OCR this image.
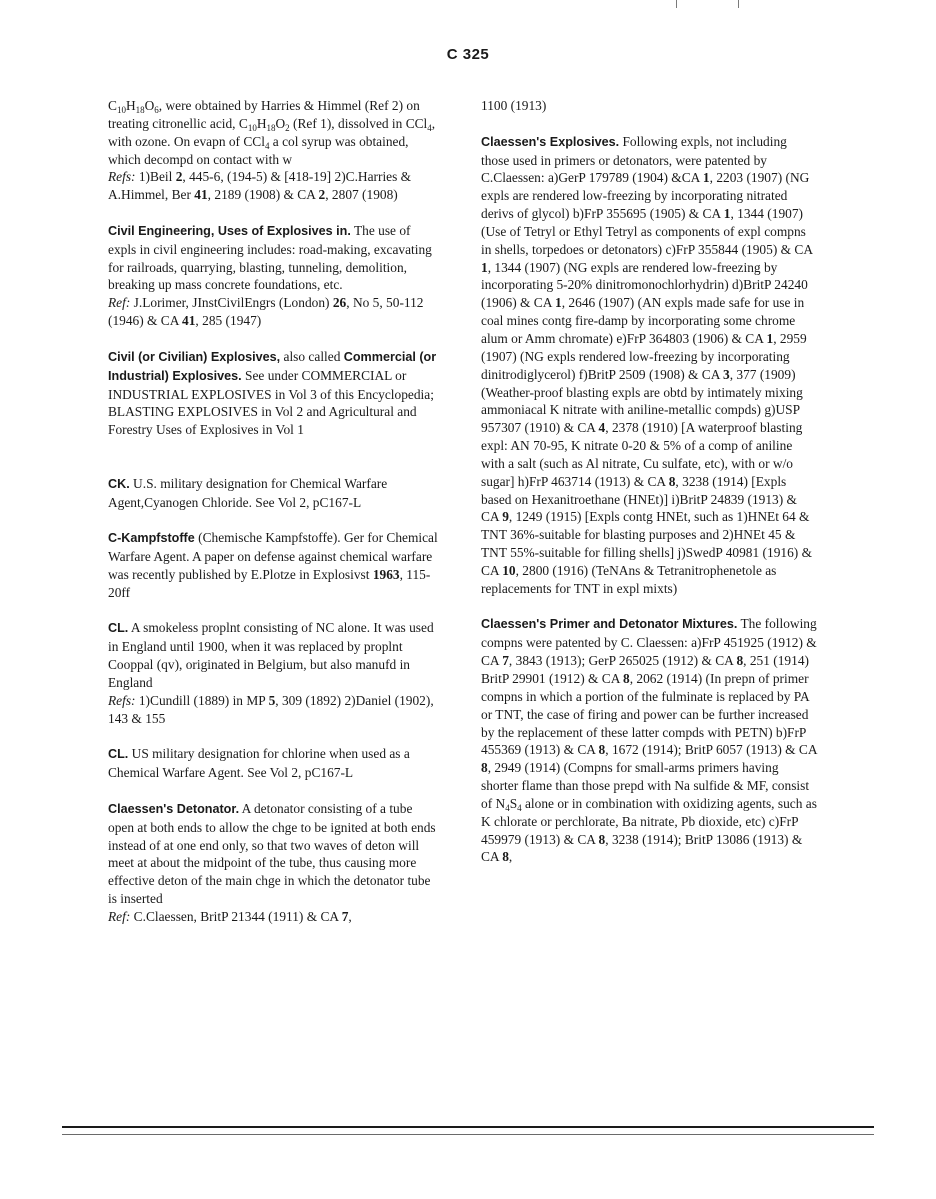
C 325

$C_{10}H_{18}O_6$, were obtained by Harries & Himmel (Ref 2) on treating citronellic acid, $C_{10}H_{18}O_2$ (Ref 1), dissolved in CCl$_4$, with ozone. On evapn of CCl$_4$ a col syrup was obtained, which decompd on contact with w
Refs: 1)Beil 2, 445-6, (194-5) & [418-19] 2)C.Harries & A.Himmel, Ber 41, 2189 (1908) & CA 2, 2807 (1908)

Civil Engineering, Uses of Explosives in. The use of expls in civil engineering includes: road-making, excavating for railroads, quarrying, blasting, tunneling, demolition, breaking up mass concrete foundations, etc.
Ref: J.Lorimer, JInstCivilEngrs (London) 26, No 5, 50-112 (1946) & CA 41, 285 (1947)

Civil (or Civilian) Explosives, also called Commercial (or Industrial) Explosives. See under COMMERCIAL or INDUSTRIAL EXPLOSIVES in Vol 3 of this Encyclopedia; BLASTING EXPLOSIVES in Vol 2 and Agricultural and Forestry Uses of Explosives in Vol 1

CK. U.S. military designation for Chemical Warfare Agent,Cyanogen Chloride. See Vol 2, pC167-L

C-Kampfstoffe (Chemische Kampfstoffe). Ger for Chemical Warfare Agent. A paper on defense against chemical warfare was recently published by E.Plotze in Explosivst 1963, 115-20ff

CL. A smokeless proplnt consisting of NC alone. It was used in England until 1900, when it was replaced by proplnt Cooppal (qv), originated in Belgium, but also manufd in England
Refs: 1)Cundill (1889) in MP 5, 309 (1892) 2)Daniel (1902), 143 & 155

CL. US military designation for chlorine when used as a Chemical Warfare Agent. See Vol 2, pC167-L

Claessen's Detonator. A detonator consisting of a tube open at both ends to allow the chge to be ignited at both ends instead of at one end only, so that two waves of deton will meet at about the midpoint of the tube, thus causing more effective deton of the main chge in which the detonator tube is inserted
Ref: C.Claessen, BritP 21344 (1911) & CA 7,

1100 (1913)

Claessen's Explosives. Following expls, not including those used in primers or detonators, were patented by C.Claessen: a)GerP 179789 (1904) &CA 1, 2203 (1907) (NG expls are rendered low-freezing by incorporating nitrated derivs of glycol) b)FrP 355695 (1905) & CA 1, 1344 (1907) (Use of Tetryl or Ethyl Tetryl as components of expl compns in shells, torpedoes or detonators) c)FrP 355844 (1905) & CA 1, 1344 (1907) (NG expls are rendered low-freezing by incorporating 5-20% dinitromonochlorhydrin) d)BritP 24240 (1906) & CA 1, 2646 (1907) (AN expls made safe for use in coal mines contg fire-damp by incorporating some chrome alum or Amm chromate) e)FrP 364803 (1906) & CA 1, 2959 (1907) (NG expls rendered low-freezing by incorporating dinitrodiglycerol) f)BritP 2509 (1908) & CA 3, 377 (1909) (Weather-proof blasting expls are obtd by intimately mixing ammoniacal K nitrate with aniline-metallic compds) g)USP 957307 (1910) & CA 4, 2378 (1910) [A waterproof blasting expl: AN 70-95, K nitrate 0-20 & 5% of a comp of aniline with a salt (such as Al nitrate, Cu sulfate, etc), with or w/o sugar] h)FrP 463714 (1913) & CA 8, 3238 (1914) [Expls based on Hexanitroethane (HNEt)] i)BritP 24839 (1913) & CA 9, 1249 (1915) [Expls contg HNEt, such as 1)HNEt 64 & TNT 36%-suitable for blasting purposes and 2)HNEt 45 & TNT 55%-suitable for filling shells] j)SwedP 40981 (1916) & CA 10, 2800 (1916) (TeNAns & Tetranitrophenetole as replacements for TNT in expl mixts)

Claessen's Primer and Detonator Mixtures. The following compns were patented by C. Claessen: a)FrP 451925 (1912) & CA 7, 3843 (1913); GerP 265025 (1912) & CA 8, 251 (1914) BritP 29901 (1912) & CA 8, 2062 (1914) (In prepn of primer compns in which a portion of the fulminate is replaced by PA or TNT, the case of firing and power can be further increased by the replacement of these latter compds with PETN) b)FrP 455369 (1913) & CA 8, 1672 (1914); BritP 6057 (1913) & CA 8, 2949 (1914) (Compns for small-arms primers having shorter flame than those prepd with Na sulfide & MF, consist of $N_4S_4$ alone or in combination with oxidizing agents, such as K chlorate or perchlorate, Ba nitrate, Pb dioxide, etc) c)FrP 459979 (1913) & CA 8, 3238 (1914); BritP 13086 (1913) & CA 8,
